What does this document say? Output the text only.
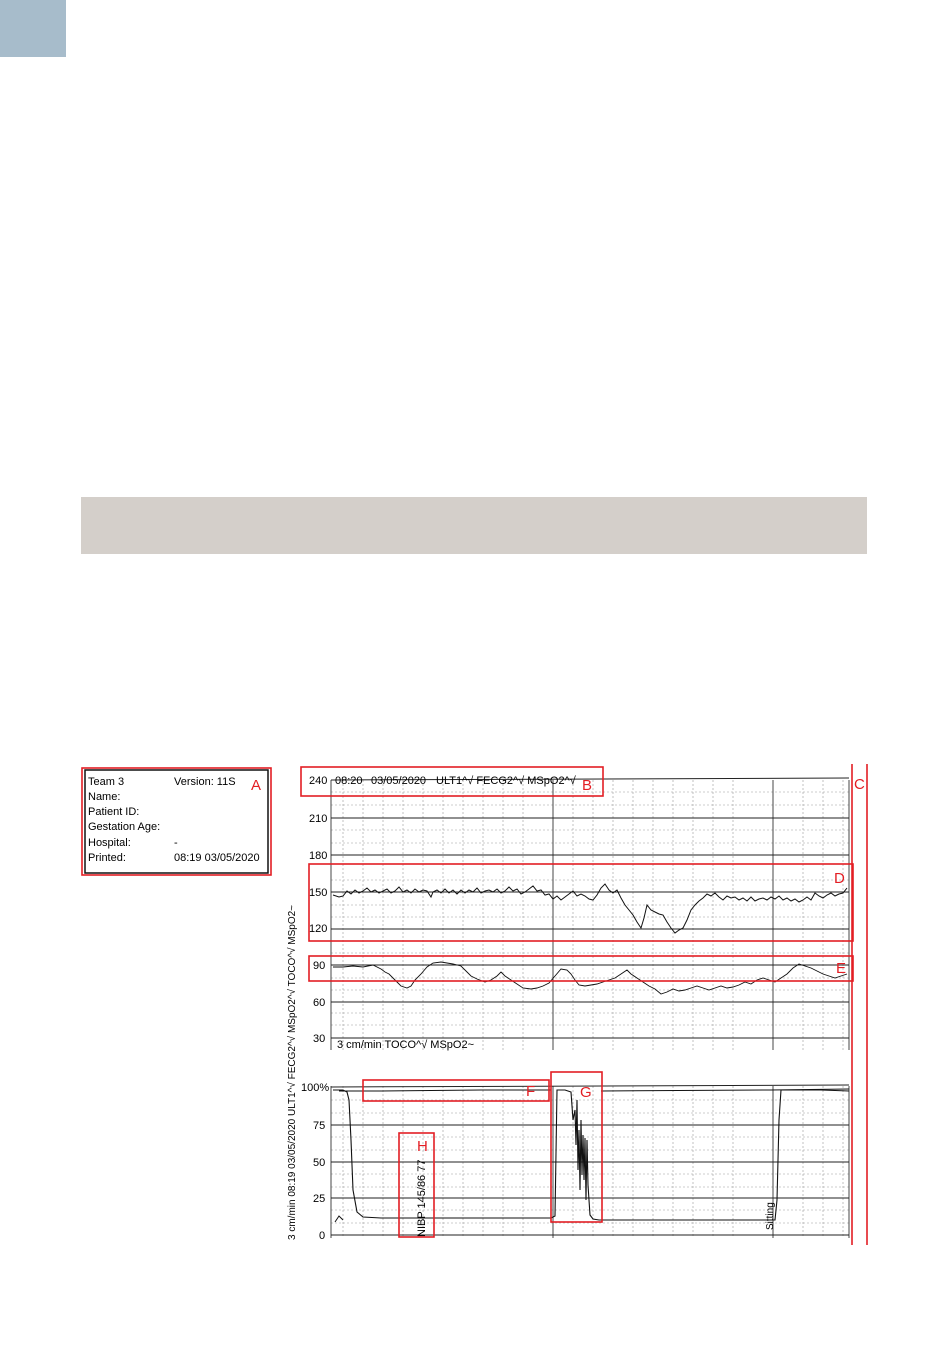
Team 3	Version: 11S
Name:
Patient ID:
Gestation Age:
Hospital:	-
Printed:	08:19 03/05/2020
A	240
210
180
150
120
90
60
30
08:20 03/05/2020 ULT1^√ FECG2^√ MSpO2^√
3 cm/min TOCO^√ MSpO2~
3 cm/min 08:19 03/05/2020 ULT1^√ FECG2^√ MSpO2^√ TOCO^√ MSpO2~ 100%
75
50
25
0	NIBP 145/86 77	Sitting
B	C
D
E
F	G
H
